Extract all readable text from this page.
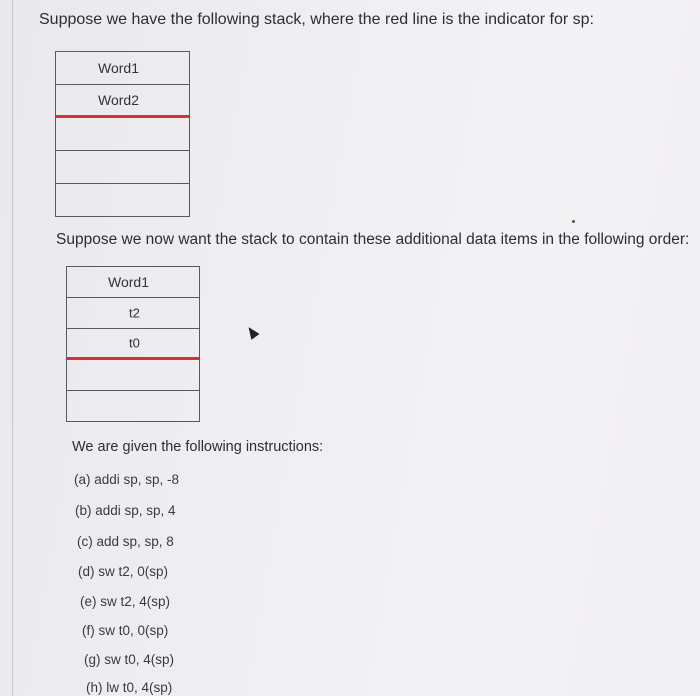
Suppose we have the following stack, where the red line is the indicator for sp:
Word1
Word2
Suppose we now want the stack to contain these additional data items in the following order:
Word1
t2
t0
We are given the following instructions:
(a) addi sp, sp, -8
(b) addi sp, sp, 4
(c) add sp, sp, 8
(d) sw t2, 0(sp)
(e) sw t2, 4(sp)
(f) sw t0, 0(sp)
(g) sw t0, 4(sp)
(h) lw t0, 4(sp)
